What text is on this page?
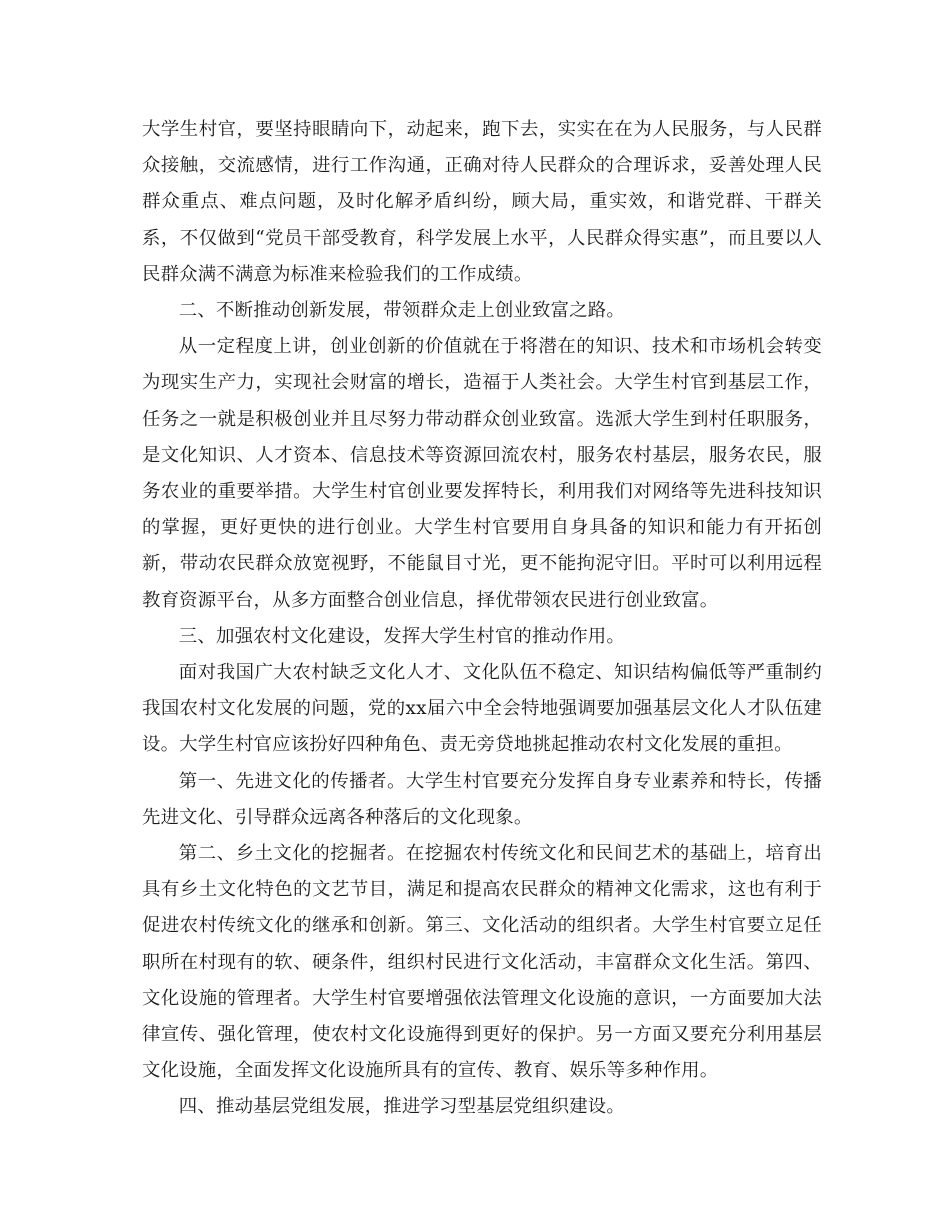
大学生村官，要坚持眼睛向下，动起来，跑下去，实实在在为人民服务，与人民群众接触，交流感情，进行工作沟通，正确对待人民群众的合理诉求，妥善处理人民群众重点、难点问题，及时化解矛盾纠纷，顾大局，重实效，和谐党群、干群关系，不仅做到“党员干部受教育，科学发展上水平，人民群众得实惠”，而且要以人民群众满不满意为标准来检验我们的工作成绩。

二、不断推动创新发展，带领群众走上创业致富之路。

从一定程度上讲，创业创新的价值就在于将潜在的知识、技术和市场机会转变为现实生产力，实现社会财富的增长，造福于人类社会。大学生村官到基层工作，任务之一就是积极创业并且尽努力带动群众创业致富。选派大学生到村任职服务，是文化知识、人才资本、信息技术等资源回流农村，服务农村基层，服务农民，服务农业的重要举措。大学生村官创业要发挥特长，利用我们对网络等先进科技知识的掌握，更好更快的进行创业。大学生村官要用自身具备的知识和能力有开拓创新，带动农民群众放宽视野，不能鼠目寸光，更不能拘泥守旧。平时可以利用远程教育资源平台，从多方面整合创业信息，择优带领农民进行创业致富。

三、加强农村文化建设，发挥大学生村官的推动作用。

面对我国广大农村缺乏文化人才、文化队伍不稳定、知识结构偏低等严重制约我国农村文化发展的问题，党的xx届六中全会特地强调要加强基层文化人才队伍建设。大学生村官应该扮好四种角色、责无旁贷地挑起推动农村文化发展的重担。

第一、先进文化的传播者。大学生村官要充分发挥自身专业素养和特长，传播先进文化、引导群众远离各种落后的文化现象。

第二、乡土文化的挖掘者。在挖掘农村传统文化和民间艺术的基础上，培育出具有乡土文化特色的文艺节目，满足和提高农民群众的精神文化需求，这也有利于促进农村传统文化的继承和创新。第三、文化活动的组织者。大学生村官要立足任职所在村现有的软、硬条件，组织村民进行文化活动，丰富群众文化生活。第四、文化设施的管理者。大学生村官要增强依法管理文化设施的意识，一方面要加大法律宣传、强化管理，使农村文化设施得到更好的保护。另一方面又要充分利用基层文化设施，全面发挥文化设施所具有的宣传、教育、娱乐等多种作用。

四、推动基层党组发展，推进学习型基层党组织建设。
